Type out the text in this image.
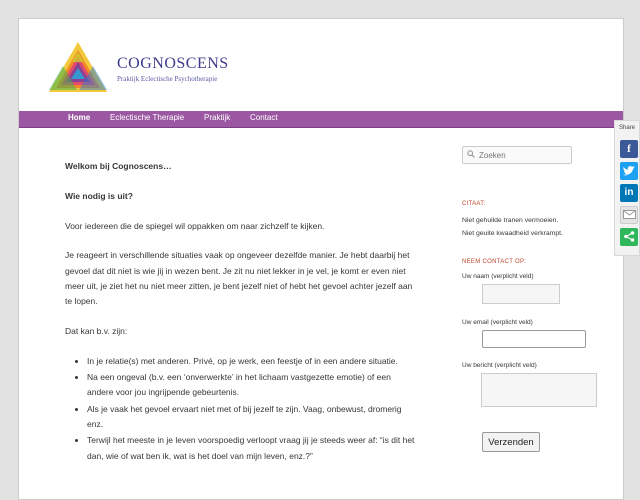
COGNOSCENS
Praktijk Eclectische Psychotherapie
Home Eclectische Therapie Praktijk Contact

Welkom bij Cognoscens…

Wie nodig is uit?

Voor iedereen die de spiegel wil oppakken om naar zichzelf te kijken.

Je reageert in verschillende situaties vaak op ongeveer dezelfde manier. Je hebt daarbij het gevoel dat dit niet is wie jij in wezen bent. Je zit nu niet lekker in je vel, je komt er even niet meer uit, je ziet het nu niet meer zitten, je bent jezelf niet of hebt het gevoel achter jezelf aan te lopen.

Dat kan b.v. zijn:

• In je relatie(s) met anderen. Privé, op je werk, een feestje of in een andere situatie.
• Na een ongeval (b.v. een ‘onverwerkte’ in het lichaam vastgezette emotie) of een andere voor jou ingrijpende gebeurtenis.
• Als je vaak het gevoel ervaart niet met of bij jezelf te zijn. Vaag, onbewust, dromerig enz.
• Terwijl het meeste in je leven voorspoedig verloopt vraag jij je steeds weer af: “is dit het dan, wie of wat ben ik, wat is het doel van mijn leven, enz.?”
Zoeken
CITAAT:

Niet gehuilde tranen vermoeien.

Niet geuite kwaadheid verkrampt.

NEEM CONTACT OP:
Uw naam (verplicht veld)
Uw email (verplicht veld)
Uw bericht (verplicht veld)
Verzenden
Share
f
in
